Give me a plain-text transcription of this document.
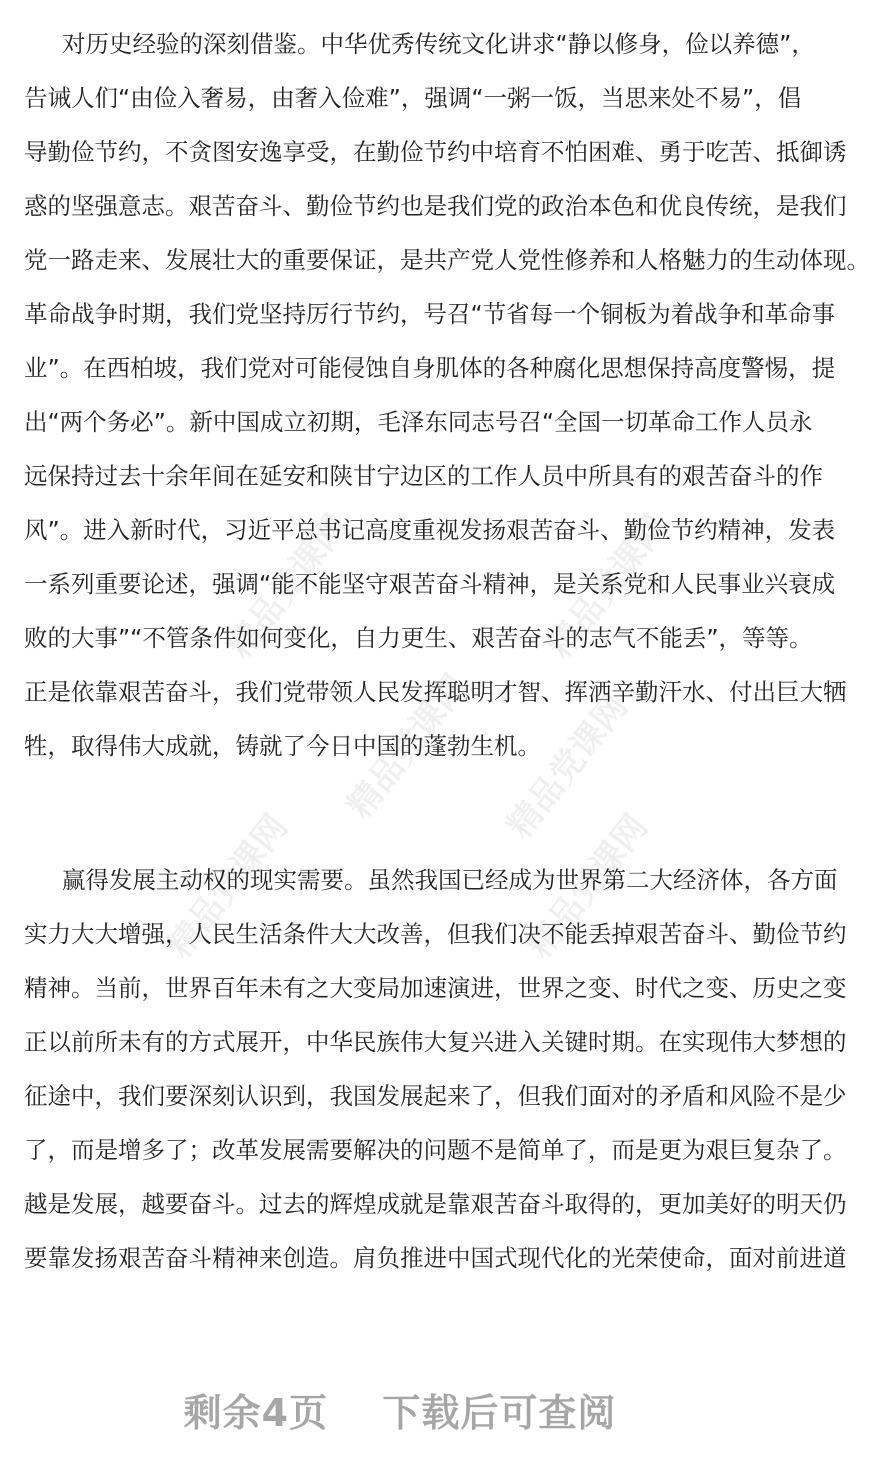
精品党课网	精品党课网
精品党课网	精品党课网
精品党课网 精品党课网
对历史经验的深刻借鉴。中华优秀传统文化讲求“静以修身，俭以养德”，
告诫人们“由俭入奢易，由奢入俭难”，强调“一粥一饭，当思来处不易”，倡
导勤俭节约，不贪图安逸享受，在勤俭节约中培育不怕困难、勇于吃苦、抵御诱
惑的坚强意志。艰苦奋斗、勤俭节约也是我们党的政治本色和优良传统，是我们
党一路走来、发展壮大的重要保证，是共产党人党性修养和人格魅力的生动体现。
革命战争时期，我们党坚持厉行节约，号召“节省每一个铜板为着战争和革命事
业”。在西柏坡，我们党对可能侵蚀自身肌体的各种腐化思想保持高度警惕，提
出“两个务必”。新中国成立初期，毛泽东同志号召“全国一切革命工作人员永
远保持过去十余年间在延安和陕甘宁边区的工作人员中所具有的艰苦奋斗的作
风”。进入新时代，习近平总书记高度重视发扬艰苦奋斗、勤俭节约精神，发表
一系列重要论述，强调“能不能坚守艰苦奋斗精神，是关系党和人民事业兴衰成
败的大事”“不管条件如何变化，自力更生、艰苦奋斗的志气不能丢”，等等。
正是依靠艰苦奋斗，我们党带领人民发挥聪明才智、挥洒辛勤汗水、付出巨大牺
牲，取得伟大成就，铸就了今日中国的蓬勃生机。
赢得发展主动权的现实需要。虽然我国已经成为世界第二大经济体，各方面
实力大大增强，人民生活条件大大改善，但我们决不能丢掉艰苦奋斗、勤俭节约
精神。当前，世界百年未有之大变局加速演进，世界之变、时代之变、历史之变
正以前所未有的方式展开，中华民族伟大复兴进入关键时期。在实现伟大梦想的
征途中，我们要深刻认识到，我国发展起来了，但我们面对的矛盾和风险不是少
了，而是增多了；改革发展需要解决的问题不是简单了，而是更为艰巨复杂了。
越是发展，越要奋斗。过去的辉煌成就是靠艰苦奋斗取得的，更加美好的明天仍
要靠发扬艰苦奋斗精神来创造。肩负推进中国式现代化的光荣使命，面对前进道
剩余4页 下载后可查阅
